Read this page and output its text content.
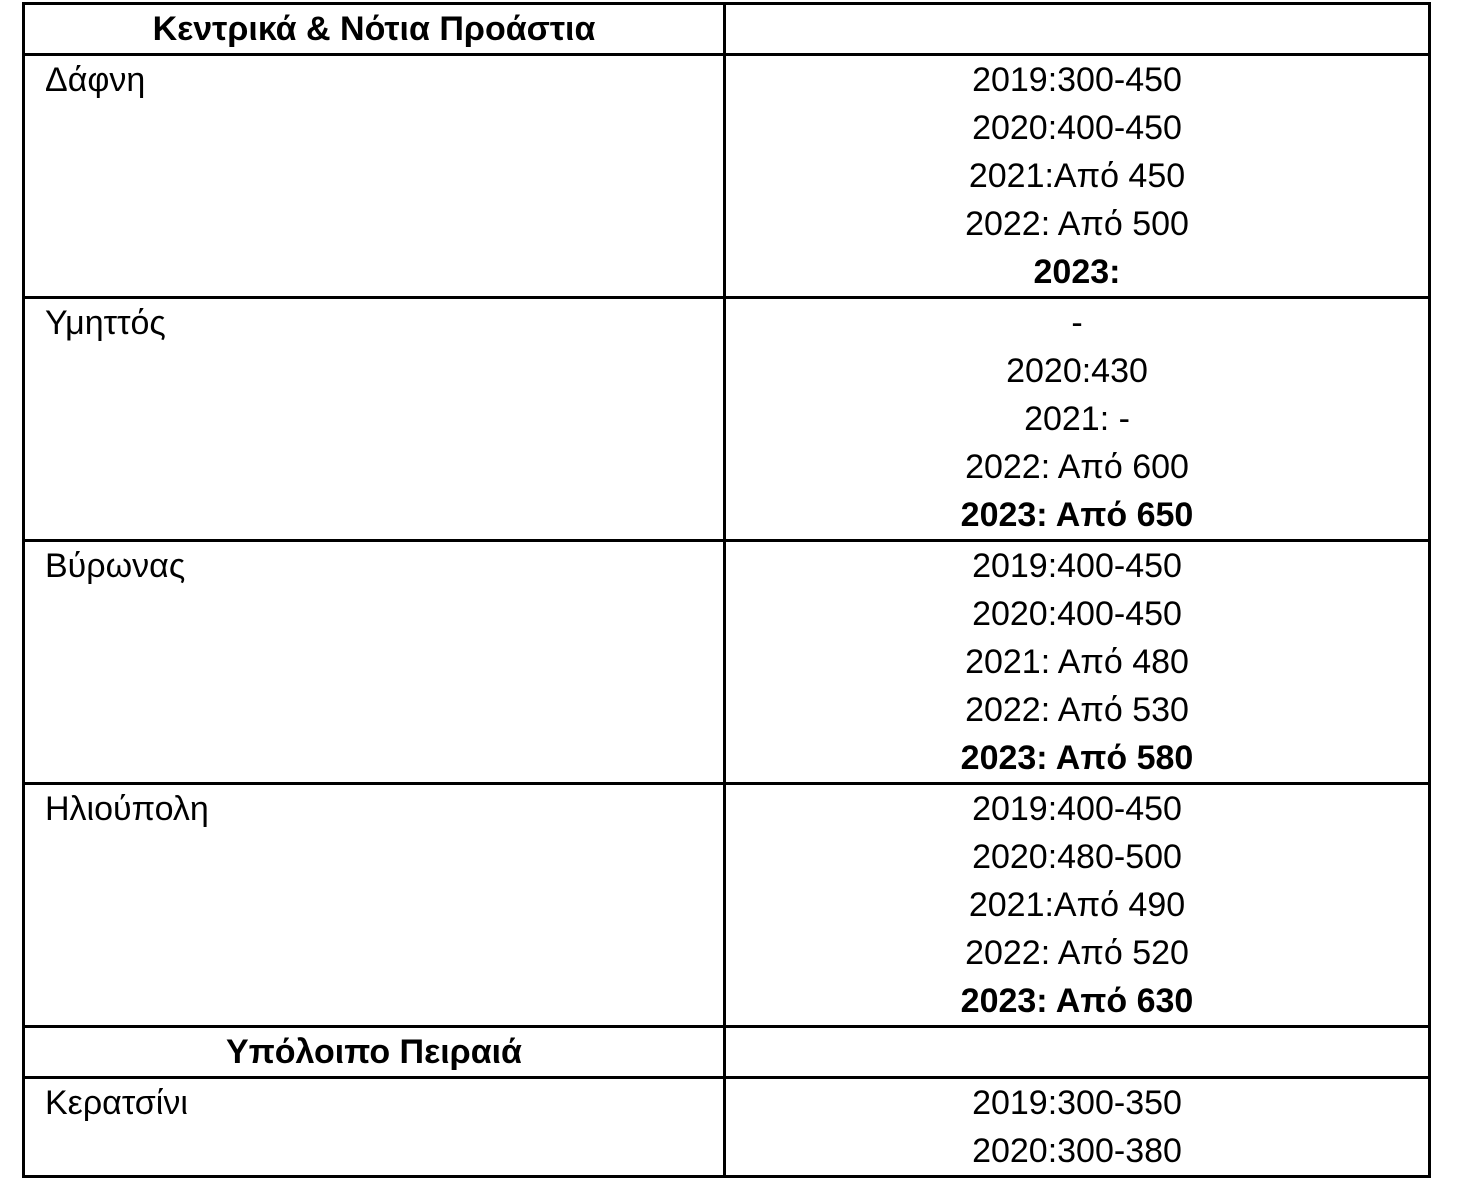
Κεντρικά & Νότια Προάστια	
Δάφνη	2019:300-450
2020:400-450
2021:Από 450
2022: Από 500
2023:

Υμηττός	-
2020:430
2021: -
2022: Από 600
2023: Από 650

Βύρωνας	2019:400-450
2020:400-450
2021: Από 480
2022: Από 530
2023: Από 580

Ηλιούπολη	2019:400-450
2020:480-500
2021:Από 490
2022: Από 520
2023: Από 630

Υπόλοιπο Πειραιά	
Κερατσίνι	2019:300-350
2020:300-380
